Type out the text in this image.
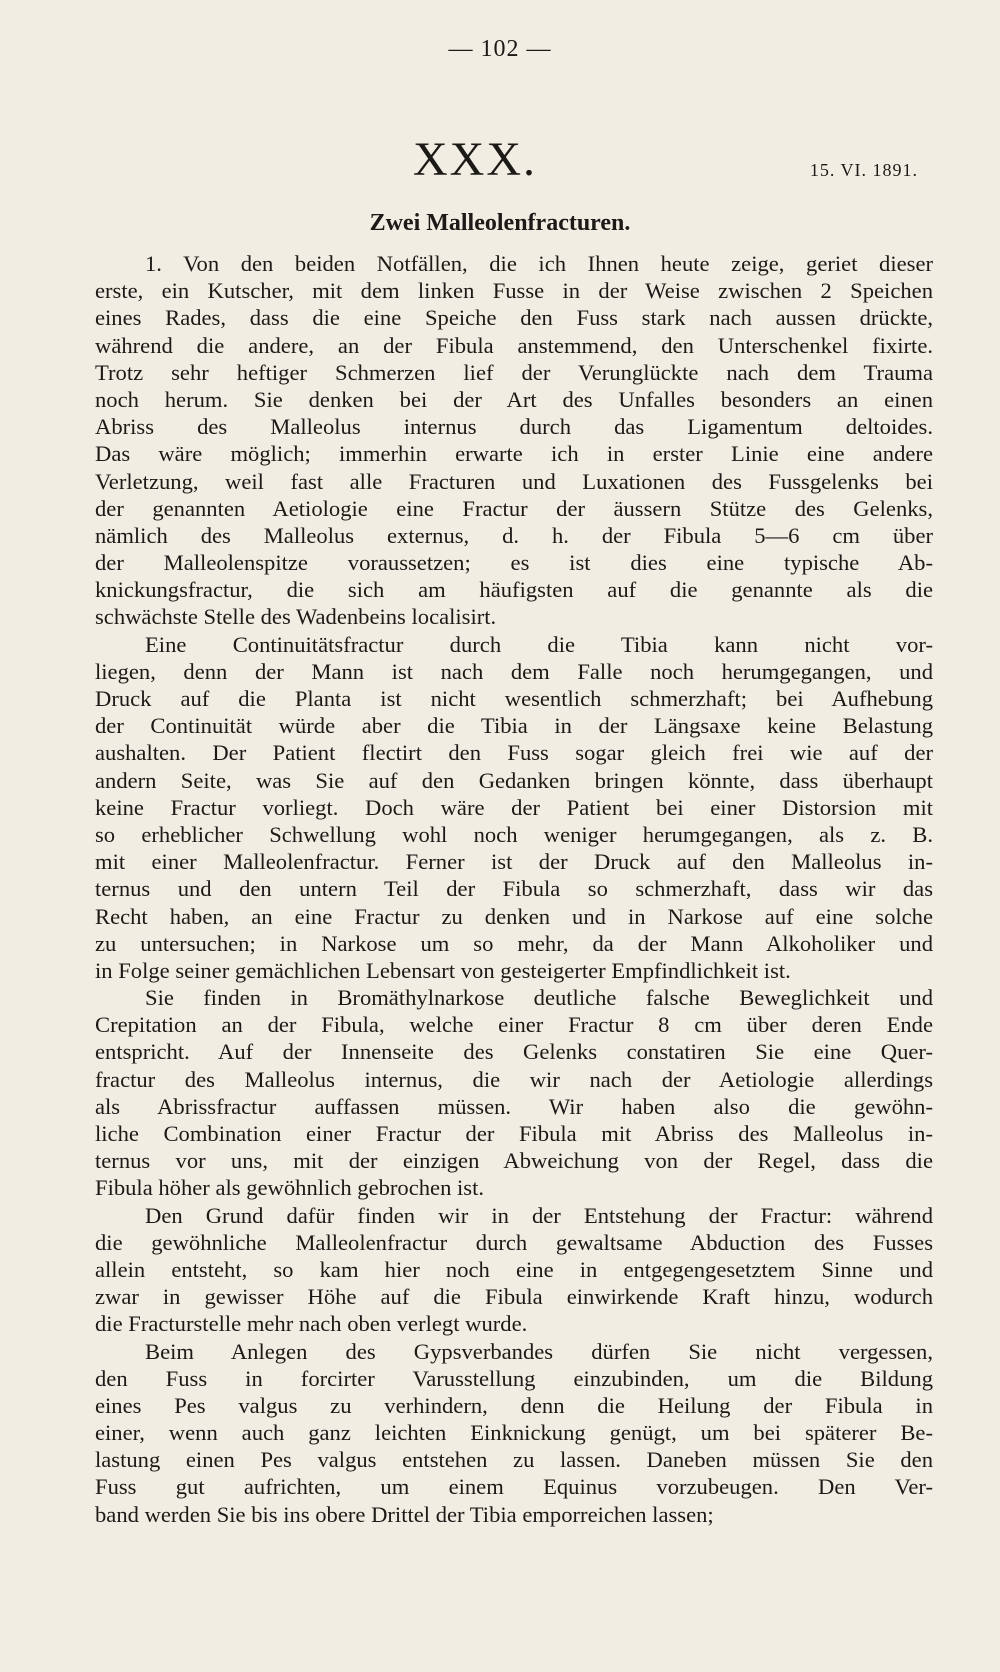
— 102 —
XXX.	15. VI. 1891.
Zwei Malleolenfracturen.
1. Von den beiden Notfällen, die ich Ihnen heute zeige, geriet dieser
erste, ein Kutscher, mit dem linken Fusse in der Weise zwischen 2 Speichen
eines Rades, dass die eine Speiche den Fuss stark nach aussen drückte,
während die andere, an der Fibula anstemmend, den Unterschenkel fixirte.
Trotz sehr heftiger Schmerzen lief der Verunglückte nach dem Trauma
noch herum. Sie denken bei der Art des Unfalles besonders an einen
Abriss des Malleolus internus durch das Ligamentum deltoides.
Das wäre möglich; immerhin erwarte ich in erster Linie eine andere
Verletzung, weil fast alle Fracturen und Luxationen des Fussgelenks bei
der genannten Aetiologie eine Fractur der äussern Stütze des Gelenks,
nämlich des Malleolus externus, d. h. der Fibula 5—6 cm über
der Malleolenspitze voraussetzen; es ist dies eine typische Ab-
knickungsfractur, die sich am häufigsten auf die genannte als die
schwächste Stelle des Wadenbeins localisirt.
Eine Continuitätsfractur durch die Tibia kann nicht vor-
liegen, denn der Mann ist nach dem Falle noch herumgegangen, und
Druck auf die Planta ist nicht wesentlich schmerzhaft; bei Aufhebung
der Continuität würde aber die Tibia in der Längsaxe keine Belastung
aushalten. Der Patient flectirt den Fuss sogar gleich frei wie auf der
andern Seite, was Sie auf den Gedanken bringen könnte, dass überhaupt
keine Fractur vorliegt. Doch wäre der Patient bei einer Distorsion mit
so erheblicher Schwellung wohl noch weniger herumgegangen, als z. B.
mit einer Malleolenfractur. Ferner ist der Druck auf den Malleolus in-
ternus und den untern Teil der Fibula so schmerzhaft, dass wir das
Recht haben, an eine Fractur zu denken und in Narkose auf eine solche
zu untersuchen; in Narkose um so mehr, da der Mann Alkoholiker und
in Folge seiner gemächlichen Lebensart von gesteigerter Empfindlichkeit ist.
Sie finden in Bromäthylnarkose deutliche falsche Beweglichkeit und
Crepitation an der Fibula, welche einer Fractur 8 cm über deren Ende
entspricht. Auf der Innenseite des Gelenks constatiren Sie eine Quer-
fractur des Malleolus internus, die wir nach der Aetiologie allerdings
als Abrissfractur auffassen müssen. Wir haben also die gewöhn-
liche Combination einer Fractur der Fibula mit Abriss des Malleolus in-
ternus vor uns, mit der einzigen Abweichung von der Regel, dass die
Fibula höher als gewöhnlich gebrochen ist.
Den Grund dafür finden wir in der Entstehung der Fractur: während
die gewöhnliche Malleolenfractur durch gewaltsame Abduction des Fusses
allein entsteht, so kam hier noch eine in entgegengesetztem Sinne und
zwar in gewisser Höhe auf die Fibula einwirkende Kraft hinzu, wodurch
die Fracturstelle mehr nach oben verlegt wurde.
Beim Anlegen des Gypsverbandes dürfen Sie nicht vergessen,
den Fuss in forcirter Varusstellung einzubinden, um die Bildung
eines Pes valgus zu verhindern, denn die Heilung der Fibula in
einer, wenn auch ganz leichten Einknickung genügt, um bei späterer Be-
lastung einen Pes valgus entstehen zu lassen. Daneben müssen Sie den
Fuss gut aufrichten, um einem Equinus vorzubeugen. Den Ver-
band werden Sie bis ins obere Drittel der Tibia emporreichen lassen;
